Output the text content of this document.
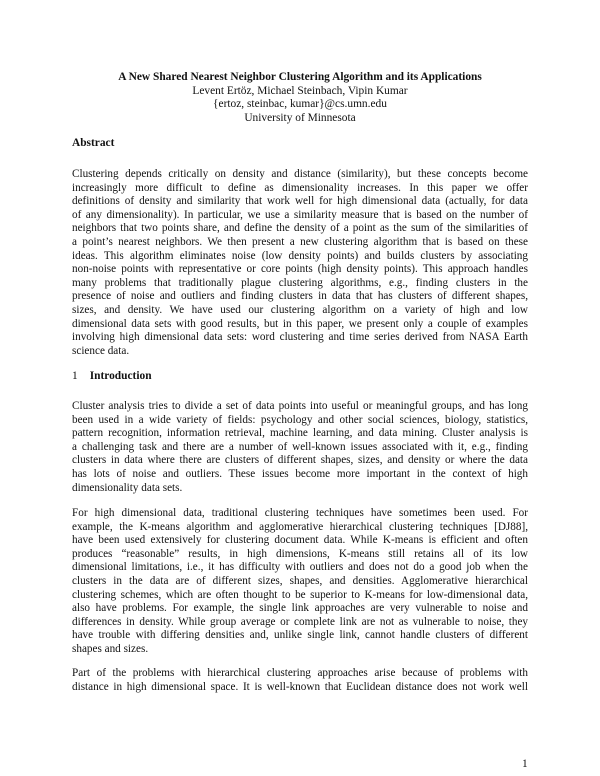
A New Shared Nearest Neighbor Clustering Algorithm and its Applications
Levent Ertöz, Michael Steinbach, Vipin Kumar
{ertoz, steinbac, kumar}@cs.umn.edu
University of Minnesota
Abstract

Clustering depends critically on density and distance (similarity), but these concepts become
increasingly more difficult to define as dimensionality increases. In this paper we offer
definitions of density and similarity that work well for high dimensional data (actually, for data
of any dimensionality). In particular, we use a similarity measure that is based on the number of
neighbors that two points share, and define the density of a point as the sum of the similarities of
a point’s nearest neighbors. We then present a new clustering algorithm that is based on these
ideas. This algorithm eliminates noise (low density points) and builds clusters by associating
non-noise points with representative or core points (high density points). This approach handles
many problems that traditionally plague clustering algorithms, e.g., finding clusters in the
presence of noise and outliers and finding clusters in data that has clusters of different shapes,
sizes, and density. We have used our clustering algorithm on a variety of high and low
dimensional data sets with good results, but in this paper, we present only a couple of examples
involving high dimensional data sets: word clustering and time series derived from NASA Earth
science data.

1 Introduction

Cluster analysis tries to divide a set of data points into useful or meaningful groups, and has long
been used in a wide variety of fields: psychology and other social sciences, biology, statistics,
pattern recognition, information retrieval, machine learning, and data mining. Cluster analysis is
a challenging task and there are a number of well-known issues associated with it, e.g., finding
clusters in data where there are clusters of different shapes, sizes, and density or where the data
has lots of noise and outliers. These issues become more important in the context of high
dimensionality data sets.

For high dimensional data, traditional clustering techniques have sometimes been used. For
example, the K-means algorithm and agglomerative hierarchical clustering techniques [DJ88],
have been used extensively for clustering document data. While K-means is efficient and often
produces “reasonable” results, in high dimensions, K-means still retains all of its low
dimensional limitations, i.e., it has difficulty with outliers and does not do a good job when the
clusters in the data are of different sizes, shapes, and densities. Agglomerative hierarchical
clustering schemes, which are often thought to be superior to K-means for low-dimensional data,
also have problems. For example, the single link approaches are very vulnerable to noise and
differences in density. While group average or complete link are not as vulnerable to noise, they
have trouble with differing densities and, unlike single link, cannot handle clusters of different
shapes and sizes.

Part of the problems with hierarchical clustering approaches arise because of problems with
distance in high dimensional space. It is well-known that Euclidean distance does not work well

1
